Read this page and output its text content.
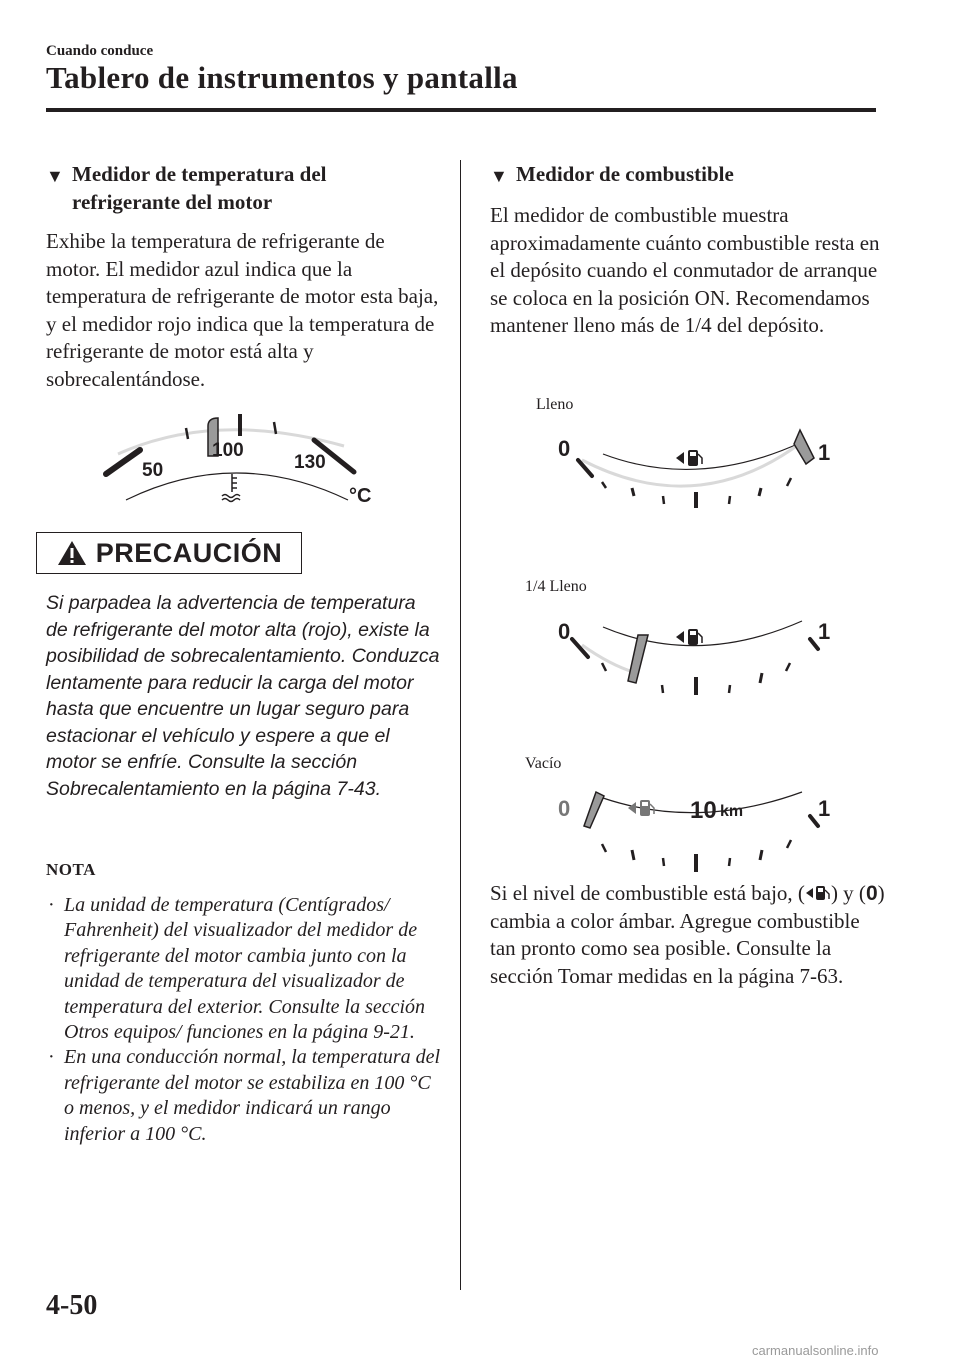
Cuando conduce
Tablero de instrumentos y pantalla
▼ Medidor de temperatura del
refrigerante del motor
Exhibe la temperatura de refrigerante de motor. El medidor azul indica que la temperatura de refrigerante de motor esta baja, y el medidor rojo indica que la temperatura de refrigerante de motor está alta y sobrecalentándose.
50
100
130
°C
PRECAUCIÓN
Si parpadea la advertencia de temperatura de refrigerante del motor alta (rojo), existe la posibilidad de sobrecalentamiento. Conduzca lentamente para reducir la carga del motor hasta que encuentre un lugar seguro para estacionar el vehículo y espere a que el motor se enfríe. Consulte la sección Sobrecalentamiento en la página 7-43.
NOTA
· La unidad de temperatura (Centígrados/ Fahrenheit) del visualizador del medidor de refrigerante del motor cambia junto con la unidad de temperatura del visualizador de temperatura del exterior. Consulte la sección Otros equipos/ funciones en la página 9-21.
· En una conducción normal, la temperatura del refrigerante del motor se estabiliza en 100 °C o menos, y el medidor indicará un rango inferior a 100 °C.
▼ Medidor de combustible
El medidor de combustible muestra aproximadamente cuánto combustible resta en el depósito cuando el conmutador de arranque se coloca en la posición ON. Recomendamos mantener lleno más de 1/4 del depósito.
Lleno
1/4 Lleno
Vacío
0	1
0	1
0	1
10 km
Si el nivel de combustible está bajo, ( ) y (0) cambia a color ámbar. Agregue combustible tan pronto como sea posible. Consulte la sección Tomar medidas en la página 7-63.
4-50
carmanualsonline.info
